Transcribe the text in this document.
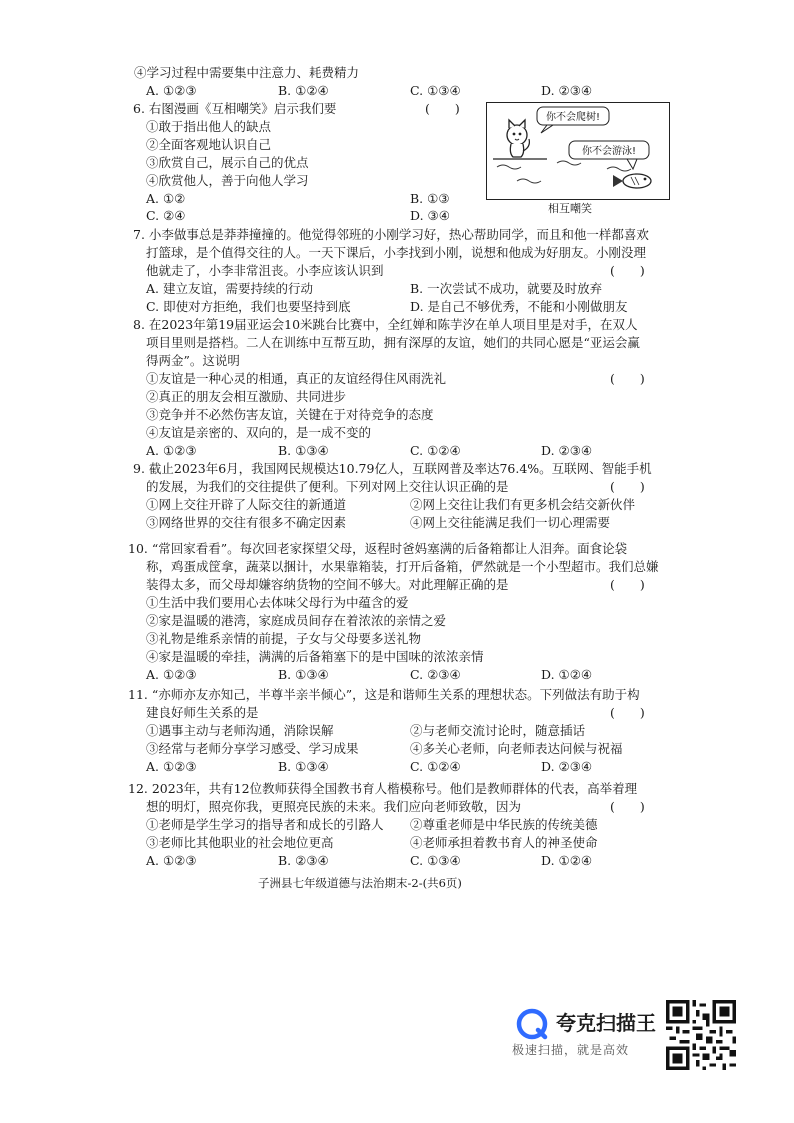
④学习过程中需要集中注意力、耗费精力
A. ①②③	B. ①②④	C. ①③④	D. ②③④
6. 右图漫画《互相嘲笑》启示我们要	(　　)
①敢于指出他人的缺点
②全面客观地认识自己
③欣赏自己，展示自己的优点
④欣赏他人，善于向他人学习
A. ①②	B. ①③
C. ②④	D. ③④
你不会爬树!
你不会游泳!
相互嘲笑
7. 小李做事总是莽莽撞撞的。他觉得邻班的小刚学习好，热心帮助同学，而且和他一样都喜欢
打篮球，是个值得交往的人。一天下课后，小李找到小刚，说想和他成为好朋友。小刚没理
他就走了，小李非常沮丧。小李应该认识到	(　　)
A. 建立友谊，需要持续的行动	B. 一次尝试不成功，就要及时放弃
C. 即使对方拒绝，我们也要坚持到底	D. 是自己不够优秀，不能和小刚做朋友
8. 在2023年第19届亚运会10米跳台比赛中，全红婵和陈芋汐在单人项目里是对手，在双人
项目里则是搭档。二人在训练中互帮互助，拥有深厚的友谊，她们的共同心愿是“亚运会赢
得两金”。这说明
(　　)
①友谊是一种心灵的相通，真正的友谊经得住风雨洗礼
②真正的朋友会相互激励、共同进步
③竞争并不必然伤害友谊，关键在于对待竞争的态度
④友谊是亲密的、双向的，是一成不变的
A. ①②③	B. ①③④	C. ①②④	D. ②③④
9. 截止2023年6月，我国网民规模达10.79亿人，互联网普及率达76.4%。互联网、智能手机
的发展，为我们的交往提供了便利。下列对网上交往认识正确的是	(　　)
①网上交往开辟了人际交往的新通道	②网上交往让我们有更多机会结交新伙伴
③网络世界的交往有很多不确定因素	④网上交往能满足我们一切心理需要
10. “常回家看看”。每次回老家探望父母，返程时爸妈塞满的后备箱都让人泪奔。面食论袋
称，鸡蛋成筐拿，蔬菜以捆计，水果靠箱装，打开后备箱，俨然就是一个小型超市。我们总嫌
装得太多，而父母却嫌容纳货物的空间不够大。对此理解正确的是	(　　)
①生活中我们要用心去体味父母行为中蕴含的爱
②家是温暖的港湾，家庭成员间存在着浓浓的亲情之爱
③礼物是维系亲情的前提，子女与父母要多送礼物
④家是温暖的牵挂，满满的后备箱塞下的是中国味的浓浓亲情
A. ①②③	B. ①③④	C. ②③④	D. ①②④
11. “亦师亦友亦知己，半尊半亲半倾心”，这是和谐师生关系的理想状态。下列做法有助于构
建良好师生关系的是	(　　)
①遇事主动与老师沟通，消除误解	②与老师交流讨论时，随意插话
③经常与老师分享学习感受、学习成果	④多关心老师，向老师表达问候与祝福
A. ①②③	B. ①③④	C. ①②④	D. ②③④
12. 2023年，共有12位教师获得全国教书育人楷模称号。他们是教师群体的代表，高举着理
想的明灯，照亮你我，更照亮民族的未来。我们应向老师致敬，因为	(　　)
①老师是学生学习的指导者和成长的引路人 ②尊重老师是中华民族的传统美德
③老师比其他职业的社会地位更高	④老师承担着教书育人的神圣使命
A. ①②③	B. ②③④	C. ①③④	D. ①②④
子洲县七年级道德与法治期末-2-(共6页)
夸克扫描王
极速扫描，就是高效
